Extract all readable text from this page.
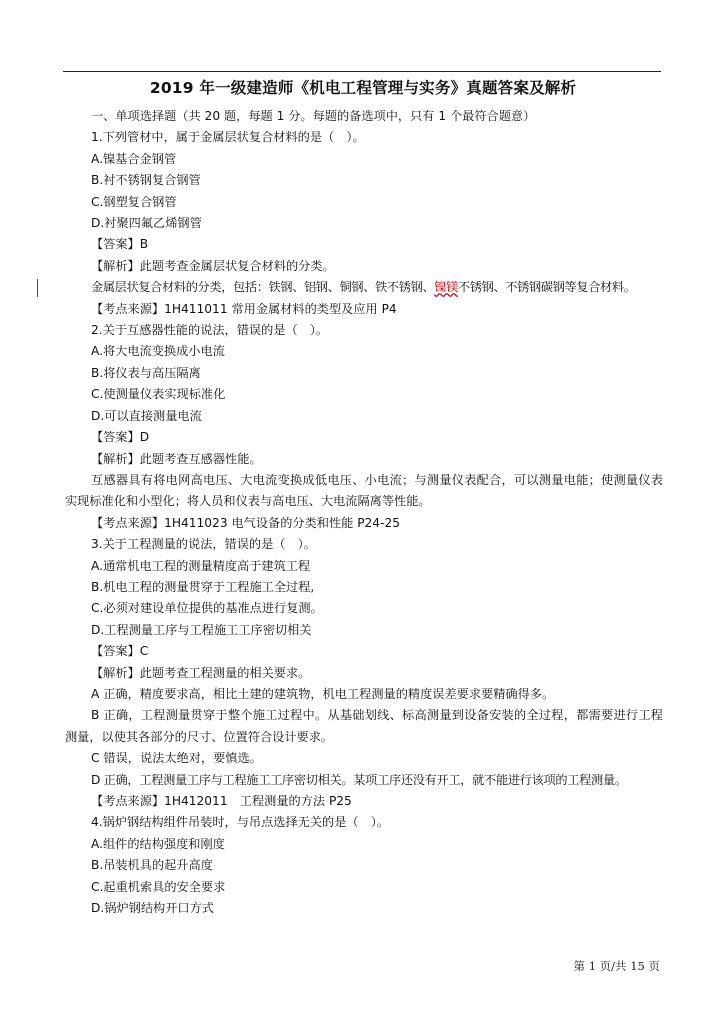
2019 年一级建造师《机电工程管理与实务》真题答案及解析
一、单项选择题（共 20 题，每题 1 分。每题的备选项中，只有 1 个最符合题意）
1.下列管材中，属于金属层状复合材料的是（　）。
A.镍基合金钢管
B.衬不锈钢复合钢管
C.钢塑复合钢管
D.衬聚四氟乙烯钢管
【答案】B
【解析】此题考查金属层状复合材料的分类。
金属层状复合材料的分类，包括：铁钢、铝钢、铜钢、铁不锈钢、镍镁不锈钢、不锈钢碳钢等复合材料。
【考点来源】1H411011 常用金属材料的类型及应用 P4
2.关于互感器性能的说法，错误的是（　）。
A.将大电流变换成小电流
B.将仪表与高压隔离
C.使测量仪表实现标准化
D.可以直接测量电流
【答案】D
【解析】此题考查互感器性能。
互感器具有将电网高电压、大电流变换成低电压、小电流；与测量仪表配合，可以测量电能；使测量仪表实现标准化和小型化；将人员和仪表与高电压、大电流隔离等性能。
【考点来源】1H411023 电气设备的分类和性能 P24-25
3.关于工程测量的说法，错误的是（　）。
A.通常机电工程的测量精度高于建筑工程
B.机电工程的测量贯穿于工程施工全过程,
C.必须对建设单位提供的基准点进行复测。
D.工程测量工序与工程施工工序密切相关
【答案】C
【解析】此题考查工程测量的相关要求。
A 正确，精度要求高，相比土建的建筑物，机电工程测量的精度误差要求要精确得多。
B 正确，工程测量贯穿于整个施工过程中。从基础划线、标高测量到设备安装的全过程，都需要进行工程测量，以使其各部分的尺寸、位置符合设计要求。
C 错误，说法太绝对，要慎选。
D 正确，工程测量工序与工程施工工序密切相关。某项工序还没有开工，就不能进行该项的工程测量。
【考点来源】1H412011　工程测量的方法 P25
4.锅炉钢结构组件吊装时，与吊点选择无关的是（　）。
A.组件的结构强度和刚度
B.吊装机具的起升高度
C.起重机索具的安全要求
D.锅炉钢结构开口方式
第 1 页/共 15 页
